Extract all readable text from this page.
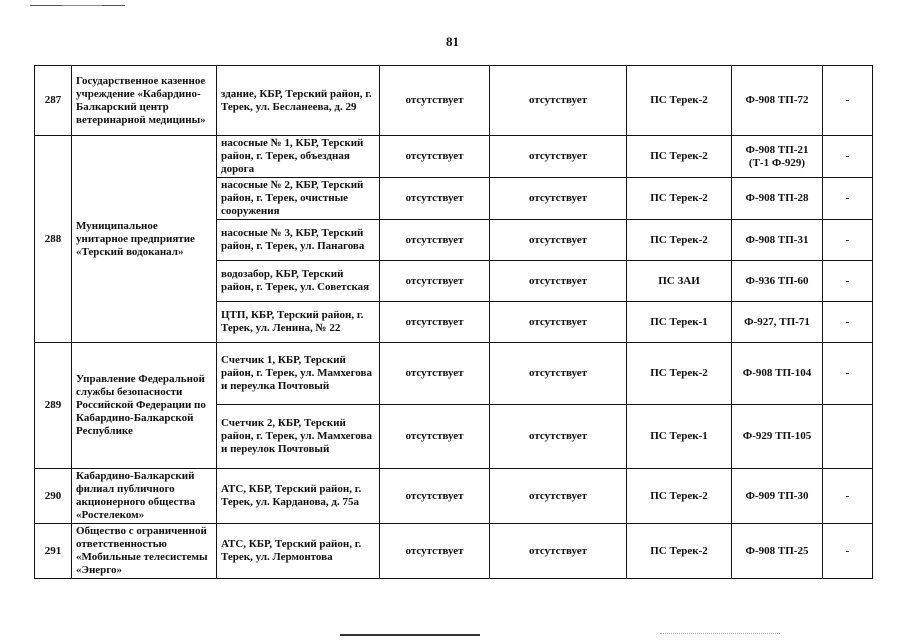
81
287	Государственное казенное учреждение «Кабардино-Балкарский центр ветеринарной медицины»	здание, КБР, Терский район, г. Терек, ул. Бесланеева, д. 29	отсутствует	отсутствует	ПС Терек-2	Ф-908 ТП-72	-
288	Муниципальное унитарное предприятие «Терский водоканал»	насосные № 1, КБР, Терский район, г. Терек, объездная дорога	отсутствует	отсутствует	ПС Терек-2	Ф-908 ТП-21 (Т-1 Ф-929)	-
		насосные № 2, КБР, Терский район, г. Терек, очистные сооружения	отсутствует	отсутствует	ПС Терек-2	Ф-908 ТП-28	-
		насосные № 3, КБР, Терский район, г. Терек, ул. Панагова	отсутствует	отсутствует	ПС Терек-2	Ф-908 ТП-31	-
		водозабор, КБР, Терский район, г. Терек, ул. Советская	отсутствует	отсутствует	ПС ЗАИ	Ф-936 ТП-60	-
		ЦТП, КБР, Терский район, г. Терек, ул. Ленина, № 22	отсутствует	отсутствует	ПС Терек-1	Ф-927, ТП-71	-
289	Управление Федеральной службы безопасности Российской Федерации по Кабардино-Балкарской Республике	Счетчик 1, КБР, Терский район, г. Терек, ул. Мамхегова и переулка Почтовый	отсутствует	отсутствует	ПС Терек-2	Ф-908 ТП-104	-
		Счетчик 2, КБР, Терский район, г. Терек, ул. Мамхегова и переулок Почтовый	отсутствует	отсутствует	ПС Терек-1	Ф-929 ТП-105	
290	Кабардино-Балкарский филиал публичного акционерного общества «Ростелеком»	АТС, КБР, Терский район, г. Терек, ул. Карданова, д. 75а	отсутствует	отсутствует	ПС Терек-2	Ф-909 ТП-30	-
291	Общество с ограниченной ответственностью «Мобильные телесистемы «Энерго»	АТС, КБР, Терский район, г. Терек, ул. Лермонтова	отсутствует	отсутствует	ПС Терек-2	Ф-908 ТП-25	-
